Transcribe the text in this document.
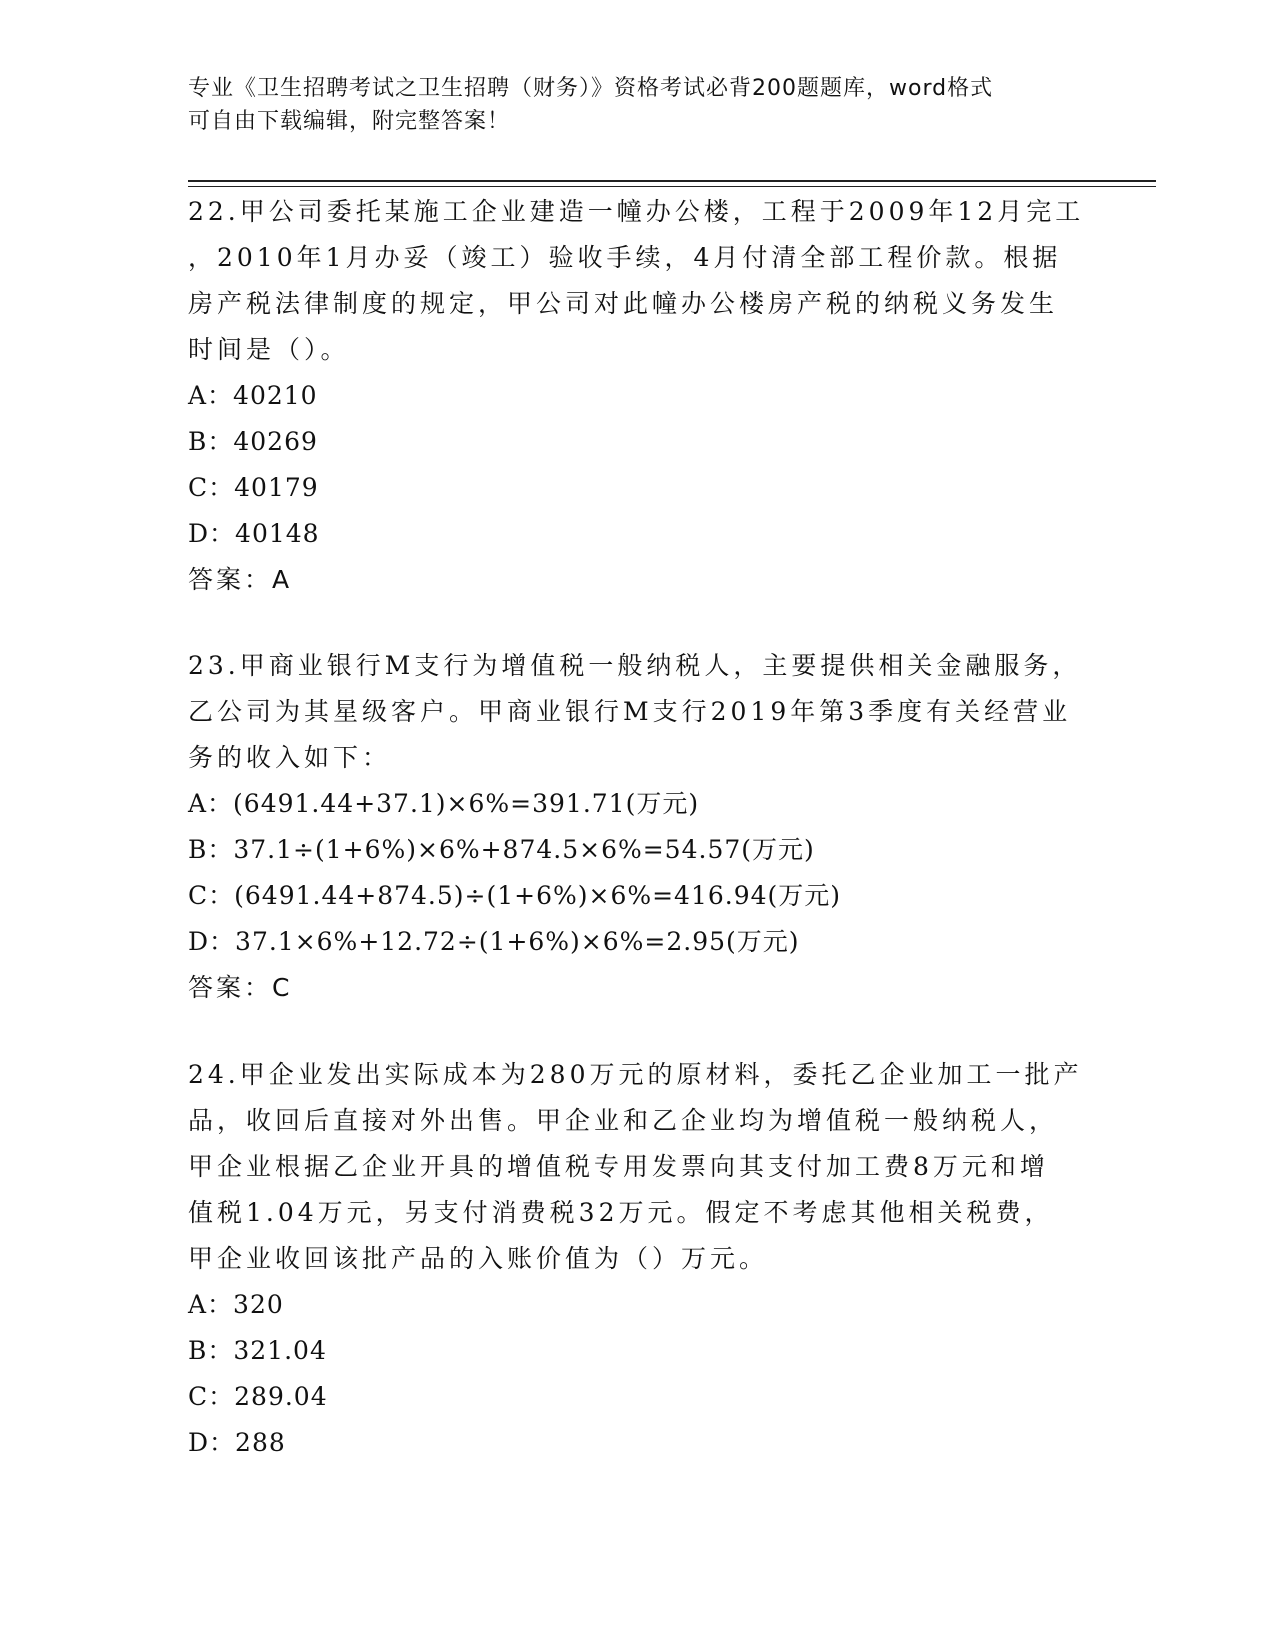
专业《卫生招聘考试之卫生招聘（财务）》资格考试必背200题题库，word格式
可自由下载编辑，附完整答案！

22.甲公司委托某施工企业建造一幢办公楼，工程于2009年12月完工

，2010年1月办妥（竣工）验收手续，4月付清全部工程价款。根据

房产税法律制度的规定，甲公司对此幢办公楼房产税的纳税义务发生

时间是（）。

A：40210

B：40269

C：40179

D：40148

答案：A

23.甲商业银行M支行为增值税一般纳税人，主要提供相关金融服务，

乙公司为其星级客户。甲商业银行M支行2019年第3季度有关经营业

务的收入如下：

A：(6491.44+37.1)×6%=391.71(万元)

B：37.1÷(1+6%)×6%+874.5×6%=54.57(万元)

C：(6491.44+874.5)÷(1+6%)×6%=416.94(万元)

D：37.1×6%+12.72÷(1+6%)×6%=2.95(万元)

答案：C

24.甲企业发出实际成本为280万元的原材料，委托乙企业加工一批产

品，收回后直接对外出售。甲企业和乙企业均为增值税一般纳税人，

甲企业根据乙企业开具的增值税专用发票向其支付加工费8万元和增

值税1.04万元，另支付消费税32万元。假定不考虑其他相关税费，

甲企业收回该批产品的入账价值为（）万元。

A：320

B：321.04

C：289.04

D：288
